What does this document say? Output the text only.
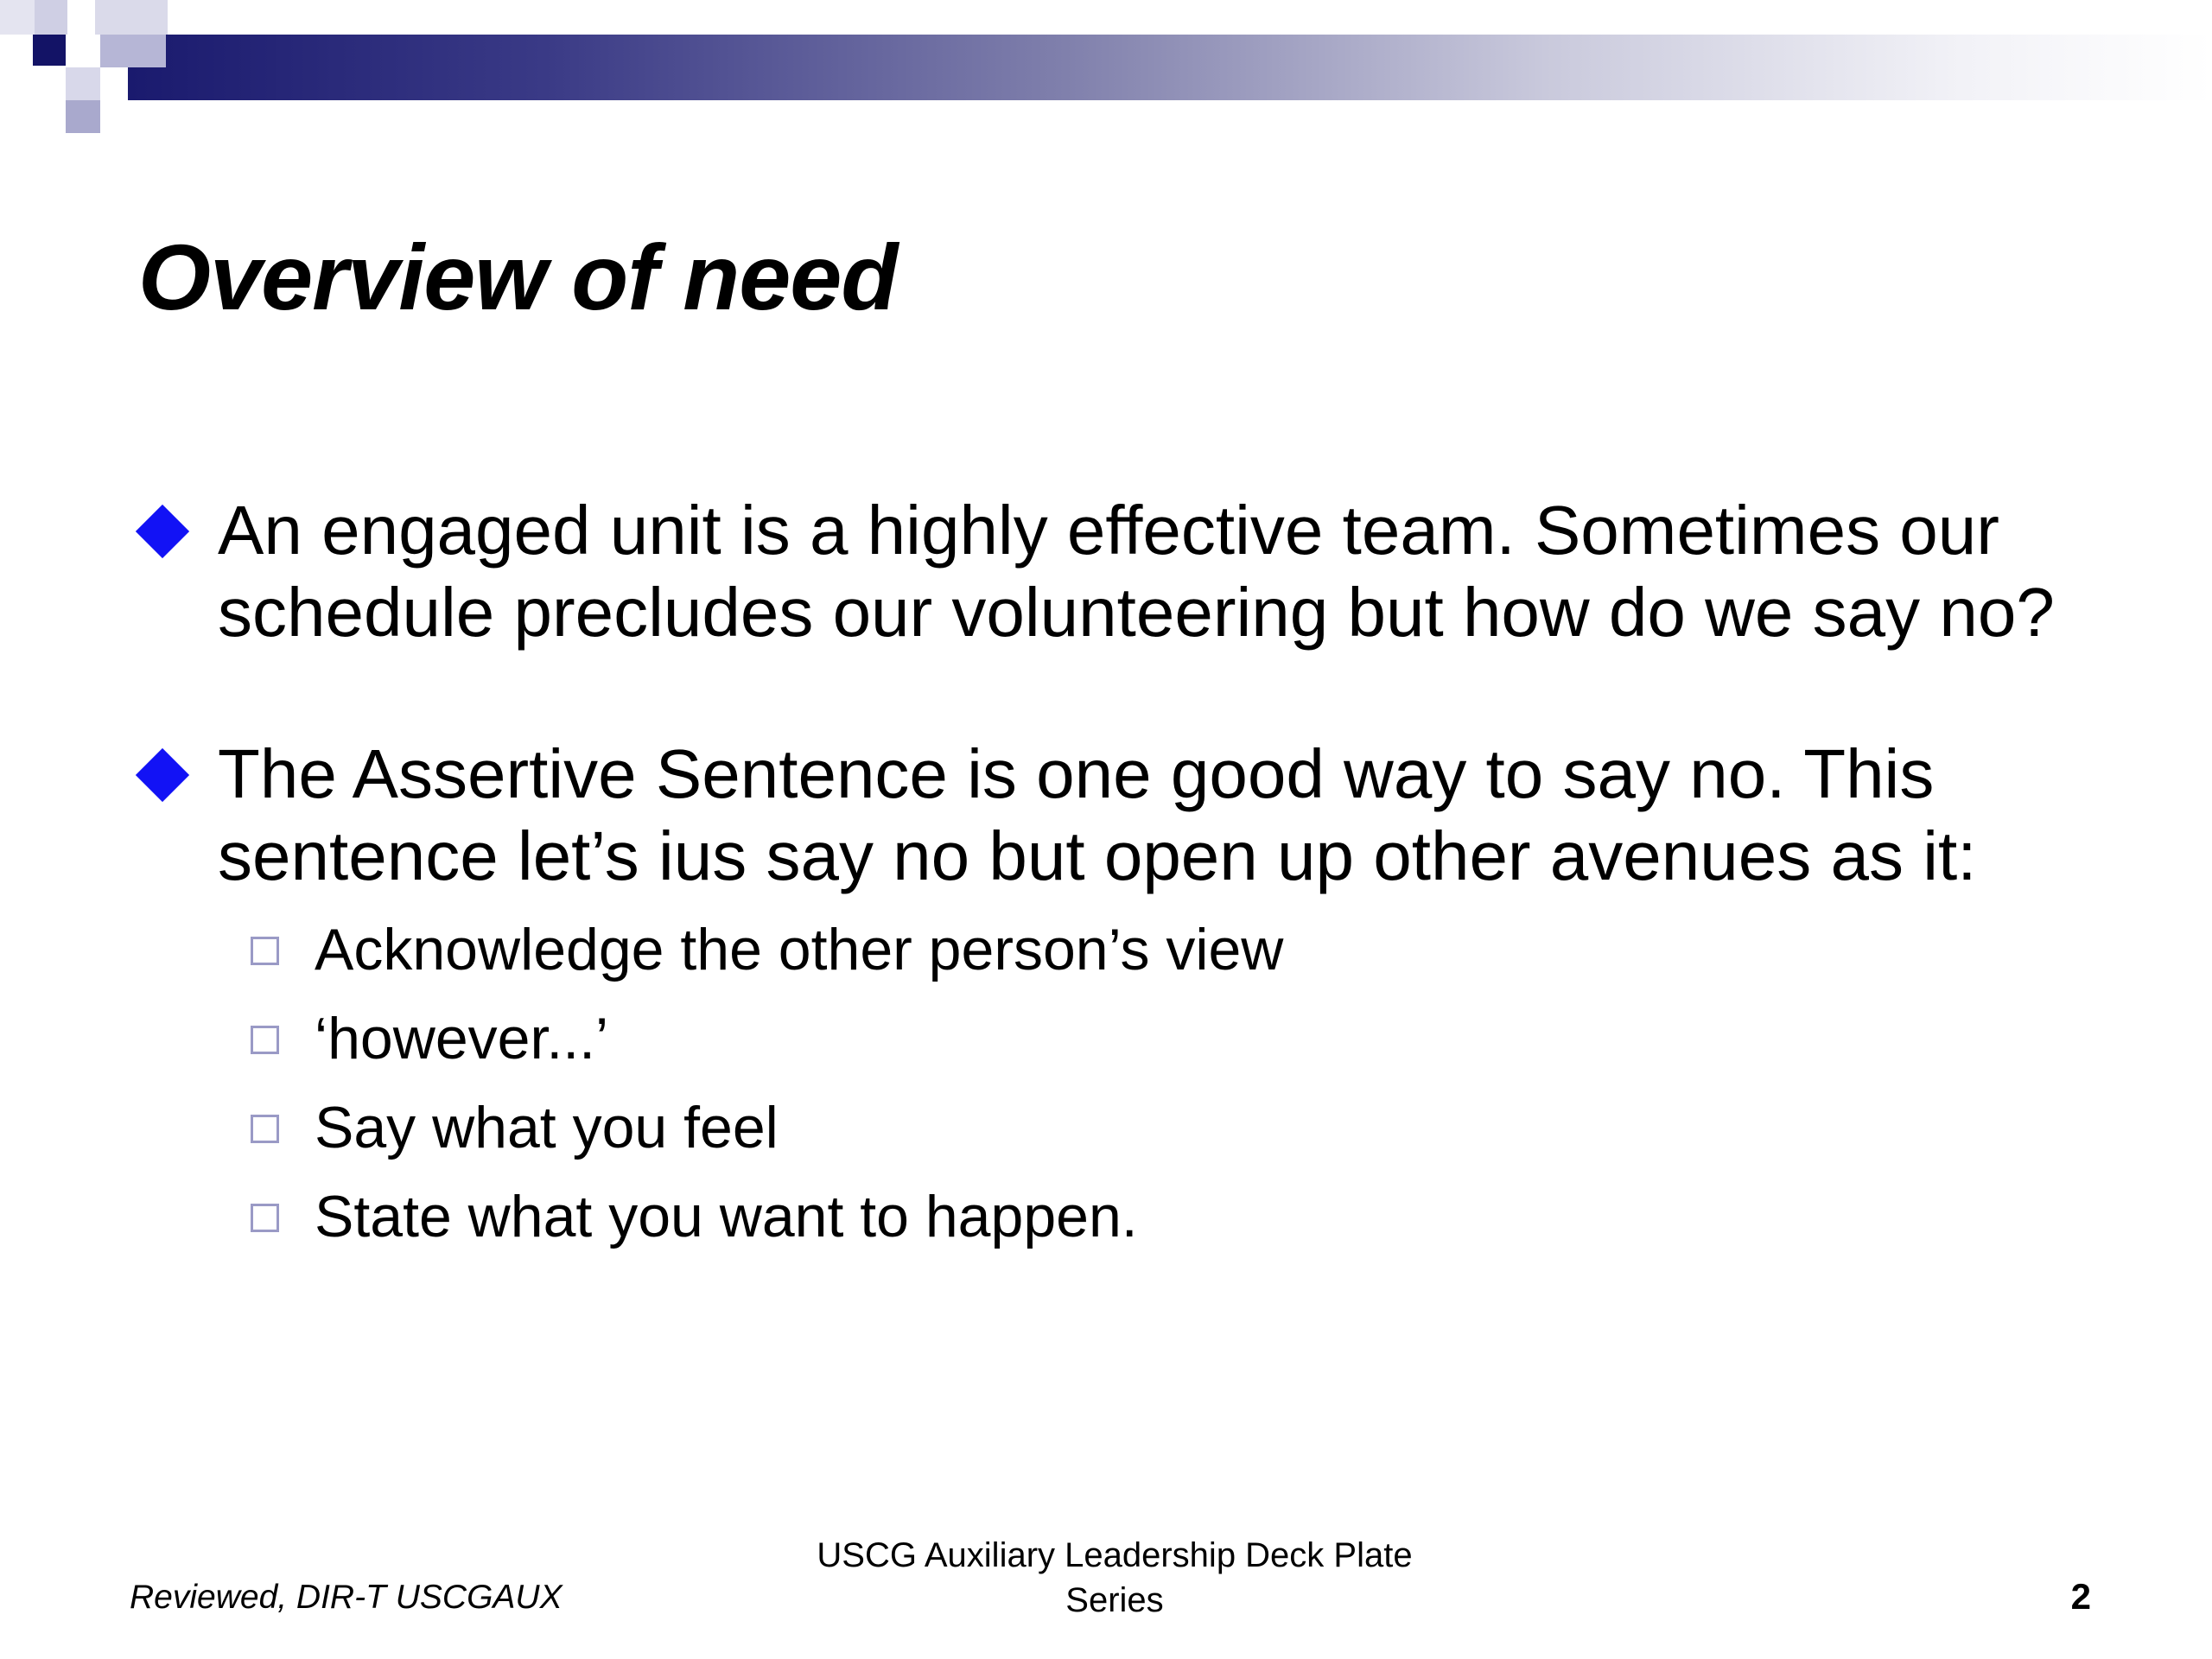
Overview of need
An engaged unit is a highly effective team. Sometimes our schedule precludes our volunteering but how do we say no?
The Assertive Sentence is one good way to say no. This sentence let’s ius say no but open up other avenues as it:
Acknowledge the other person’s view
‘however...’
Say what you feel
State what you want to happen.
Reviewed, DIR-T USCGAUX
USCG Auxiliary Leadership Deck Plate
Series	2
